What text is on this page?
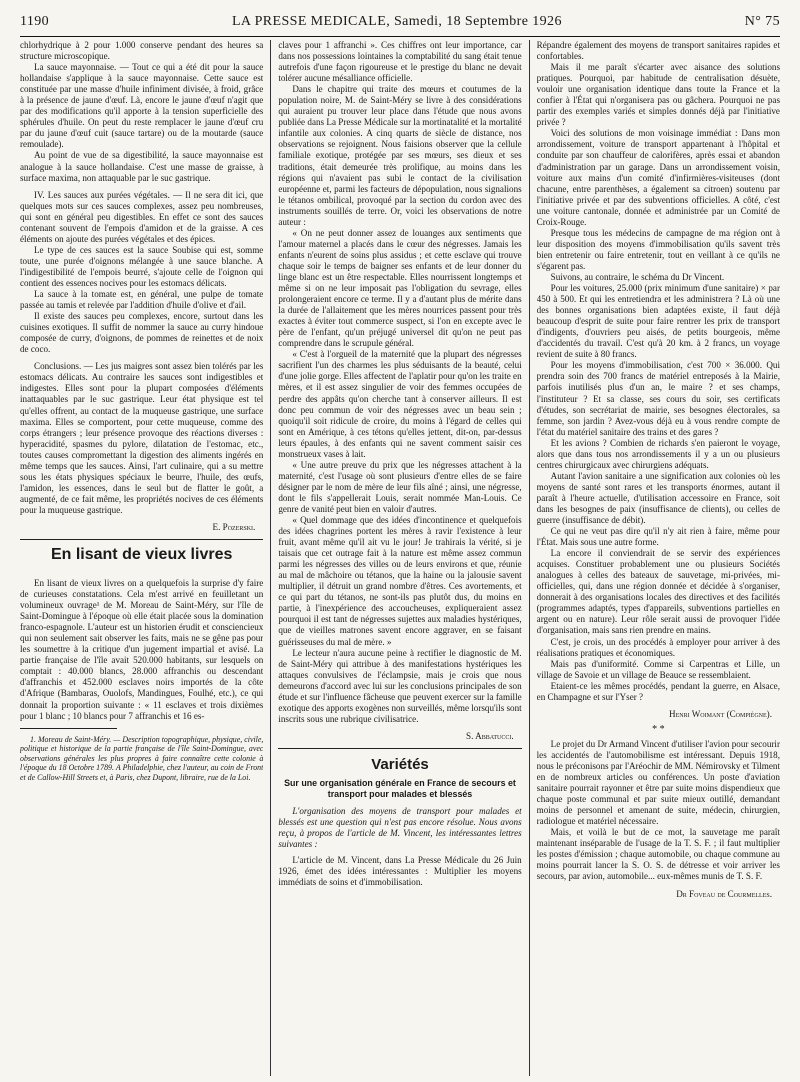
1190	LA PRESSE MEDICALE, Samedi, 18 Septembre 1926	N° 75

chlorhydrique à 2 pour 1.000 conserve pendant des heures sa structure microscopique.

La sauce mayonnaise. — Tout ce qui a été dit pour la sauce hollandaise s'applique à la sauce mayonnaise. Cette sauce est constituée par une masse d'huile infiniment divisée, à froid, grâce à la présence de jaune d'œuf. Là, encore le jaune d'œuf n'agit que par des modifications qu'il apporte à la tension superficielle des sphérules d'huile. On peut du reste remplacer le jaune d'œuf cru par du jaune d'œuf cuit (sauce tartare) ou de la moutarde (sauce remoulade).

Au point de vue de sa digestibilité, la sauce mayonnaise est analogue à la sauce hollandaise. C'est une masse de graisse, à surface maxima, non attaquable par le suc gastrique.

IV. Les sauces aux purées végétales. — Il ne sera dit ici, que quelques mots sur ces sauces complexes, assez peu nombreuses, qui sont en général peu digestibles. En effet ce sont des sauces contenant souvent de l'empois d'amidon et de la graisse. A ces éléments on ajoute des purées végétales et des épices.

Le type de ces sauces est la sauce Soubise qui est, somme toute, une purée d'oignons mélangée à une sauce blanche. A l'indigestibilité de l'empois beurré, s'ajoute celle de l'oignon qui contient des essences nocives pour les estomacs délicats.

La sauce à la tomate est, en général, une pulpe de tomate passée au tamis et relevée par l'addition d'huile d'olive et d'ail.

Il existe des sauces peu complexes, encore, surtout dans les cuisines exotiques. Il suffit de nommer la sauce au curry hindoue composée de curry, d'oignons, de pommes de reinettes et de noix de coco.

Conclusions. — Les jus maigres sont assez bien tolérés par les estomacs délicats. Au contraire les sauces sont indigestibles et indigestes. Elles sont pour la plupart composées d'éléments inattaquables par le suc gastrique. Leur état physique est tel qu'elles offrent, au contact de la muqueuse gastrique, une surface maxima. Elles se comportent, pour cette muqueuse, comme des corps étrangers ; leur présence provoque des réactions diverses : hyperacidité, spasmes du pylore, dilatation de l'estomac, etc., toutes causes compromettant la digestion des aliments ingérés en même temps que les sauces. Ainsi, l'art culinaire, qui a su mettre sous les états physiques spéciaux le beurre, l'huile, des œufs, l'amidon, les essences, dans le seul but de flatter le goût, a augmenté, de ce fait même, les propriétés nocives de ces éléments pour la muqueuse gastrique.

E. Pozerski.
En lisant de vieux livres

En lisant de vieux livres on a quelquefois la surprise d'y faire de curieuses constatations. Cela m'est arrivé en feuilletant un volumineux ouvrage¹ de M. Moreau de Saint-Méry, sur l'île de Saint-Domingue à l'époque où elle était placée sous la domination franco-espagnole. L'auteur est un historien érudit et consciencieux qui non seulement sait observer les faits, mais ne se gêne pas pour les soumettre à la critique d'un jugement impartial et avisé. La partie française de l'île avait 520.000 habitants, sur lesquels on comptait : 40.000 blancs, 28.000 affranchis ou descendant d'affranchis et 452.000 esclaves noirs importés de la côte d'Afrique (Bambaras, Ouolofs, Mandingues, Foulhé, etc.), ce qui donnait la proportion suivante : « 11 esclaves et trois dixièmes pour 1 blanc ; 10 blancs pour 7 affranchis et 16 es-

1. Moreau de Saint-Méry. — Description topographique, physique, civile, politique et historique de la partie française de l'île Saint-Domingue, avec observations générales les plus propres à faire connaître cette colonie à l'époque du 18 Octobre 1789. A Philadelphie, chez l'auteur, au coin de Front et de Callow-Hill Streets et, à Paris, chez Dupont, libraire, rue de la Loi.

claves pour 1 affranchi ». Ces chiffres ont leur importance, car dans nos possessions lointaines la comptabilité du sang était tenue autrefois d'une façon rigoureuse et le prestige du blanc ne devait tolérer aucune mésalliance officielle.

Dans le chapitre qui traite des mœurs et coutumes de la population noire, M. de Saint-Méry se livre à des considérations qui auraient pu trouver leur place dans l'étude que nous avons publiée dans La Presse Médicale sur la mortinatalité et la mortalité infantile aux colonies. A cinq quarts de siècle de distance, nos observations se rejoignent. Nous faisions observer que la cellule familiale exotique, protégée par ses mœurs, ses dieux et ses traditions, était demeurée très prolifique, au moins dans les régions qui n'avaient pas subi le contact de la civilisation européenne et, parmi les facteurs de dépopulation, nous signalions le tétanos ombilical, provoqué par la section du cordon avec des instruments souillés de terre. Or, voici les observations de notre auteur :

« On ne peut donner assez de louanges aux sentiments que l'amour maternel a placés dans le cœur des négresses. Jamais les enfants n'eurent de soins plus assidus ; et cette esclave qui trouve chaque soir le temps de baigner ses enfants et de leur donner du linge blanc est un être respectable. Elles nourrissent longtemps et même si on ne leur imposait pas l'obligation du sevrage, elles prolongeraient encore ce terme. Il y a d'autant plus de mérite dans la durée de l'allaitement que les mères nourrices passent pour très exactes à éviter tout commerce suspect, si l'on en excepte avec le père de l'enfant, qu'un préjugé universel dit qu'on ne peut pas comprendre dans le scrupule général.

« C'est à l'orgueil de la maternité que la plupart des négresses sacrifient l'un des charmes les plus séduisants de la beauté, celui d'une jolie gorge. Elles affectent de l'aplatir pour qu'on les traite en mères, et il est assez singulier de voir des femmes occupées de perdre des appâts qu'on cherche tant à conserver ailleurs. Il est donc peu commun de voir des négresses avec un beau sein ; quoiqu'il soit ridicule de croire, du moins à l'égard de celles qui sont en Amérique, à ces tétons qu'elles jettent, dit-on, par-dessus leurs épaules, à des enfants qui ne savent comment saisir ces monstrueux vases à lait.

« Une autre preuve du prix que les négresses attachent à la maternité, c'est l'usage où sont plusieurs d'entre elles de se faire désigner par le nom de mère de leur fils aîné ; ainsi, une négresse, dont le fils s'appellerait Louis, serait nommée Man-Louis. Ce genre de vanité peut bien en valoir d'autres.

« Quel dommage que des idées d'incontinence et quelquefois des idées chagrines portent les mères à ravir l'existence à leur fruit, avant même qu'il ait vu le jour! Je trahirais la vérité, si je taisais que cet outrage fait à la nature est même assez commun parmi les négresses des villes ou de leurs environs et que, réunie au mal de mâchoire ou tétanos, que la haine ou la jalousie savent multiplier, il détruit un grand nombre d'êtres. Ces avortements, et ce qui part du tétanos, ne sont-ils pas plutôt dus, du moins en partie, à l'inexpérience des accoucheuses, expliqueraient assez pourquoi il est tant de négresses sujettes aux maladies hystériques, que de vieilles matrones savent encore aggraver, en se faisant guérisseuses du mal de mère. »

Le lecteur n'aura aucune peine à rectifier le diagnostic de M. de Saint-Méry qui attribue à des manifestations hystériques les attaques convulsives de l'éclampsie, mais je crois que nous demeurons d'accord avec lui sur les conclusions principales de son étude et sur l'influence fâcheuse que peuvent exercer sur la famille exotique des apports exogènes non surveillés, même lorsqu'ils sont inscrits sous une rubrique civilisatrice.

S. Abbatucci.
Variétés
Sur une organisation générale en France de secours et transport pour malades et blessés

L'organisation des moyens de transport pour malades et blessés est une question qui n'est pas encore résolue. Nous avons reçu, à propos de l'article de M. Vincent, les intéressantes lettres suivantes :

L'article de M. Vincent, dans La Presse Médicale du 26 Juin 1926, émet des idées intéressantes : Multiplier les moyens immédiats de soins et d'immobilisation.

Répandre également des moyens de transport sanitaires rapides et confortables.

Mais il me paraît s'écarter avec aisance des solutions pratiques. Pourquoi, par habitude de centralisation désuète, vouloir une organisation identique dans toute la France et la confier à l'État qui n'organisera pas ou gâchera. Pourquoi ne pas partir des exemples variés et simples donnés déjà par l'initiative privée ?

Voici des solutions de mon voisinage immédiat : Dans mon arrondissement, voiture de transport appartenant à l'hôpital et conduite par son chauffeur de calorifères, après essai et abandon d'administration par un garage. Dans un arrondissement voisin, voiture aux mains d'un comité d'infirmières-visiteuses (dont chacune, entre parenthèses, a également sa citroen) soutenu par l'initiative privée et par des subventions officielles. A côté, c'est une voiture cantonale, donnée et administrée par un Comité de Croix-Rouge.

Presque tous les médecins de campagne de ma région ont à leur disposition des moyens d'immobilisation qu'ils savent très bien entretenir ou faire entretenir, tout en veillant à ce qu'ils ne s'égarent pas.

Suivons, au contraire, le schéma du Dr Vincent.

Pour les voitures, 25.000 (prix minimum d'une sanitaire) × par 450 à 500. Et qui les entretiendra et les administrera ? Là où une des bonnes organisations bien adaptées existe, il faut déjà beaucoup d'esprit de suite pour faire rentrer les prix de transport d'indigents, d'ouvriers peu aisés, de petits bourgeois, même d'accidentés du travail. C'est qu'à 20 km. à 2 francs, un voyage revient de suite à 80 francs.

Pour les moyens d'immobilisation, c'est 700 × 36.000. Qui prendra soin des 700 francs de matériel entreposés à la Mairie, parfois inutilisés plus d'un an, le maire ? et ses champs, l'instituteur ? Et sa classe, ses cours du soir, ses certificats d'études, son secrétariat de mairie, ses besognes électorales, sa femme, son jardin ? Avez-vous déjà eu à vous rendre compte de l'état du matériel sanitaire des trains et des gares ?

Et les avions ? Combien de richards s'en paieront le voyage, alors que dans tous nos arrondissements il y a un ou plusieurs centres chirurgicaux avec chirurgiens adéquats.

Autant l'avion sanitaire a une signification aux colonies où les moyens de santé sont rares et les transports énormes, autant il paraît à l'heure actuelle, d'utilisation accessoire en France, soit dans les besognes de paix (insuffisance de clients), ou celles de guerre (insuffisance de débit).

Ce qui ne veut pas dire qu'il n'y ait rien à faire, même pour l'État. Mais sous une autre forme.

La encore il conviendrait de se servir des expériences acquises. Constituer probablement une ou plusieurs Sociétés analogues à celles des bateaux de sauvetage, mi-privées, mi-officielles, qui, dans une région donnée et décidée à s'organiser, donnerait à des organisations locales des directives et des facilités (programmes adaptés, types d'appareils, subventions partielles en argent ou en nature). Leur rôle serait aussi de provoquer l'idée d'organisation, mais sans rien prendre en mains.

C'est, je crois, un des procédés à employer pour arriver à des réalisations pratiques et économiques.

Mais pas d'uniformité. Comme si Carpentras et Lille, un village de Savoie et un village de Beauce se ressemblaient.

Etaient-ce les mêmes procédés, pendant la guerre, en Alsace, en Champagne et sur l'Yser ?

Henri Woimant (Compiègne).
* *

Le projet du Dr Armand Vincent d'utiliser l'avion pour secourir les accidentés de l'automobilisme est intéressant. Depuis 1918, nous le préconisons par l'Aréochir de MM. Némirovsky et Tilment en de nombreux articles ou conférences. Un poste d'aviation sanitaire pourrait rayonner et être par suite moins dispendieux que chaque poste communal et par suite mieux outillé, demandant moins de personnel et amenant de suite, médecin, chirurgien, radiologue et matériel nécessaire.

Mais, et voilà le but de ce mot, la sauvetage me paraît maintenant inséparable de l'usage de la T. S. F. ; il faut multiplier les postes d'émission ; chaque automobile, ou chaque commune au moins pourrait lancer la S. O. S. de détresse et voir arriver les secours, par avion, automobile... eux-mêmes munis de T. S. F.

Dr Foveau de Courmelles.
